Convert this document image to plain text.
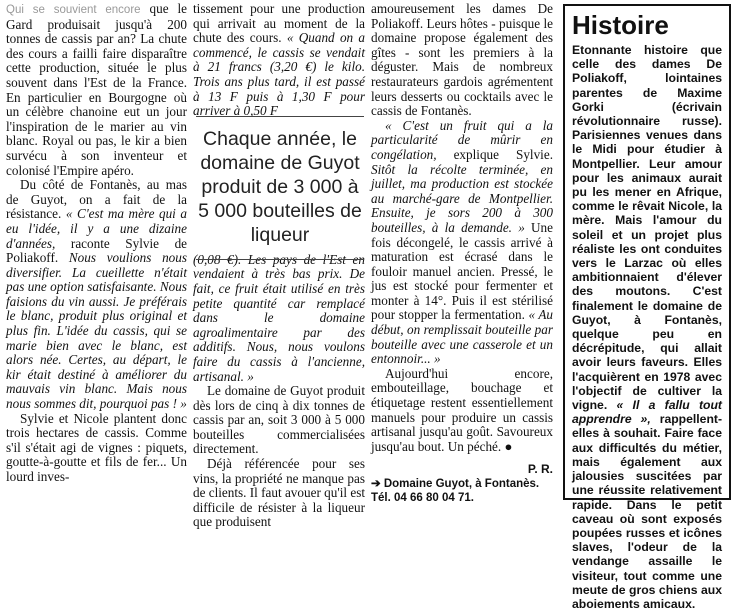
Qui se souvient encore que le Gard produisait jusqu'à 200 tonnes de cassis par an? La chute des cours a failli faire disparaître cette production, située le plus souvent dans l'Est de la France. En particulier en Bourgogne où un célèbre chanoine eut un jour l'inspiration de le marier au vin blanc. Royal ou pas, le kir a bien survécu à son inventeur et colonisé l'Empire apéro.

Du côté de Fontanès, au mas de Guyot, on a fait de la résistance. « C'est ma mère qui a eu l'idée, il y a une dizaine d'années, raconte Sylvie de Poliakoff. Nous voulions nous diversifier. La cueillette n'était pas une option satisfaisante. Nous faisions du vin aussi. Je préférais le blanc, produit plus original et plus fin. L'idée du cassis, qui se marie bien avec le blanc, est alors née. Certes, au départ, le kir était destiné à améliorer du mauvais vin blanc. Mais nous nous sommes dit, pourquoi pas ! »

Sylvie et Nicole plantent donc trois hectares de cassis. Comme s'il s'était agi de vignes : piquets, goutte-à-goutte et fils de fer... Un lourd inves-

tissement pour une production qui arrivait au moment de la chute des cours. « Quand on a commencé, le cassis se vendait à 21 francs (3,20 €) le kilo. Trois ans plus tard, il est passé à 13 F puis à 1,30 F pour arriver à 0,50 F

(0,08 €). Les pays de l'Est en vendaient à très bas prix. De fait, ce fruit était utilisé en très petite quantité car remplacé dans le domaine agroalimentaire par des additifs. Nous, nous voulons faire du cassis à l'ancienne, artisanal. »

Le domaine de Guyot produit dès lors de cinq à dix tonnes de cassis par an, soit 3 000 à 5 000 bouteilles commercialisées directement.

Déjà référencée pour ses vins, la propriété ne manque pas de clients. Il faut avouer qu'il est difficile de résister à la liqueur que produisent

Chaque année, le domaine de Guyot produit de 3 000 à 5 000 bouteilles de liqueur

amoureusement les dames De Poliakoff. Leurs hôtes - puisque le domaine propose également des gîtes - sont les premiers à la déguster. Mais de nombreux restaurateurs gardois agrémentent leurs desserts ou cocktails avec le cassis de Fontanès.

« C'est un fruit qui a la particularité de mûrir en congélation, explique Sylvie. Sitôt la récolte terminée, en juillet, ma production est stockée au marché-gare de Montpellier. Ensuite, je sors 200 à 300 bouteilles, à la demande. » Une fois décongelé, le cassis arrivé à maturation est écrasé dans le fouloir manuel ancien. Pressé, le jus est stocké pour fermenter et monter à 14°. Puis il est stérilisé pour stopper la fermentation. « Au début, on remplissait bouteille par bouteille avec une casserole et un entonnoir... »

Aujourd'hui encore, embouteillage, bouchage et étiquetage restent essentiellement manuels pour produire un cassis artisanal jusqu'au goût. Savoureux jusqu'au bout. Un péché. ●

P. R.
➔ Domaine Guyot, à Fontanès.
Tél. 04 66 80 04 71.
Histoire
Etonnante histoire que celle des dames De Poliakoff, lointaines parentes de Maxime Gorki (écrivain révolutionnaire russe). Parisiennes venues dans le Midi pour étudier à Montpellier. Leur amour pour les animaux aurait pu les mener en Afrique, comme le rêvait Nicole, la mère. Mais l'amour du soleil et un projet plus réaliste les ont conduites vers le Larzac où elles ambitionnaient d'élever des moutons. C'est finalement le domaine de Guyot, à Fontanès, quelque peu en décrépitude, qui allait avoir leurs faveurs. Elles l'acquièrent en 1978 avec l'objectif de cultiver la vigne. « Il a fallu tout apprendre », rappellent-elles à souhait. Faire face aux difficultés du métier, mais également aux jalousies suscitées par une réussite relativement rapide. Dans le petit caveau où sont exposés poupées russes et icônes slaves, l'odeur de la vendange assaille le visiteur, tout comme une meute de gros chiens aux aboiements amicaux.
